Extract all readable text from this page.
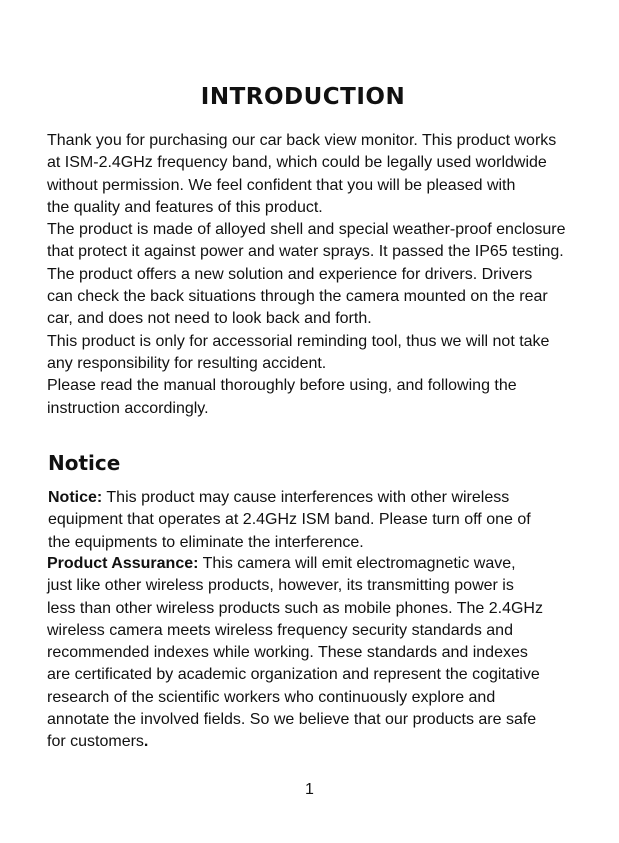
INTRODUCTION
Thank you for purchasing our car back view monitor. This product works
at ISM-2.4GHz frequency band, which could be legally used worldwide
without permission. We feel confident that you will be pleased with
the quality and features of this product.
The product is made of alloyed shell and special weather-proof enclosure
that protect it against power and water sprays. It passed the IP65 testing.
The product offers a new solution and experience for drivers. Drivers
can check the back situations through the camera mounted on the rear
car, and does not need to look back and forth.
This product is only for accessorial reminding tool, thus we will not take
any responsibility for resulting accident.
Please read the manual thoroughly before using, and following the
instruction accordingly.
Notice
Notice: This product may cause interferences with other wireless
equipment that operates at 2.4GHz ISM band. Please turn off one of
the equipments to eliminate the interference.
Product Assurance: This camera will emit electromagnetic wave,
just like other wireless products, however, its transmitting power is
less than other wireless products such as mobile phones. The 2.4GHz
wireless camera meets wireless frequency security standards and
recommended indexes while working. These standards and indexes
are certificated by academic organization and represent the cogitative
research of the scientific workers who continuously explore and
annotate the involved fields. So we believe that our products are safe
for customers.
1
